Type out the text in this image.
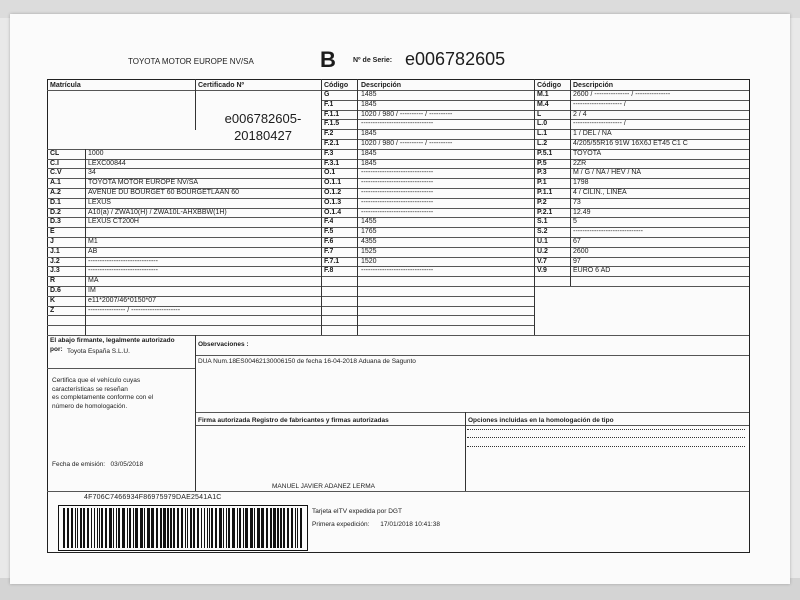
TOYOTA MOTOR EUROPE NV/SA	B Nº de Serie: e006782605
CL	1000
C.I	LEXC00844
C.V	34
A.1	TOYOTA MOTOR EUROPE NV/SA
A.2	AVENUE DU BOURGET 60 BOURGETLAAN 60
D.1	LEXUS
D.2	A10(a) / ZWA10(H) / ZWA10L-AHXBBW(1H)
D.3	LEXUS CT200H
E
J	M1
J.1	AB
J.2	------------------------------
J.3	------------------------------
R	MA
D.6	IM
K	e11*2007/46*0150*07
Z	---------------- / ---------------------
G	1485
F.1	1845
F.1.1	1020 / 980 / ---------- / ----------
F.1.5	-------------------------------
F.2	1845
F.2.1	1020 / 980 / ---------- / ----------
F.3	1845
F.3.1	1845
O.1	-------------------------------
O.1.1	-------------------------------
O.1.2	-------------------------------
O.1.3	-------------------------------
O.1.4	-------------------------------
F.4	1455
F.5	1765
F.6	4355
F.7	1525
F.7.1	1520
F.8	-------------------------------
M.1	2600 / --------------- / ---------------
M.4	--------------------- /
L	2 / 4
L.0	--------------------- /
L.1	1 / DEL / NA
L.2	4/205/55R16 91W 16X6J ET45 C1 C
P.5.1	TOYOTA
P.5	2ZR
P.3	M / G / NA / HEV / NA
P.1	1798
P.1.1	4 / CILIN., LINEA
P.2	73
P.2.1	12.49
S.1	5
S.2	------------------------------
U.1	67
U.2	2600
V.7	97
V.9	EURO 6 AD
Matrícula	Certificado Nº	Código Descripción	Código Descripción
e006782605-
20180427
El abajo firmante, legalmente autorizado
por: Toyota España S.L.U.
Observaciones :
DUA Num.18ES00462130006150 de fecha 16-04-2018 Aduana de Sagunto
Certifica que el vehículo cuyas
características se reseñan
es completamente conforme con el
número de homologación.
Firma autorizada Registro de fabricantes y firmas autorizadas	Opciones incluidas en la homologación de tipo
Fecha de emisión: 03/05/2018
MANUEL JAVIER ADANEZ LERMA
4F706C7466934F86975979DAE2541A1C
Tarjeta eITV expedida por DGT
Primera expedición: 17/01/2018 10:41:38
